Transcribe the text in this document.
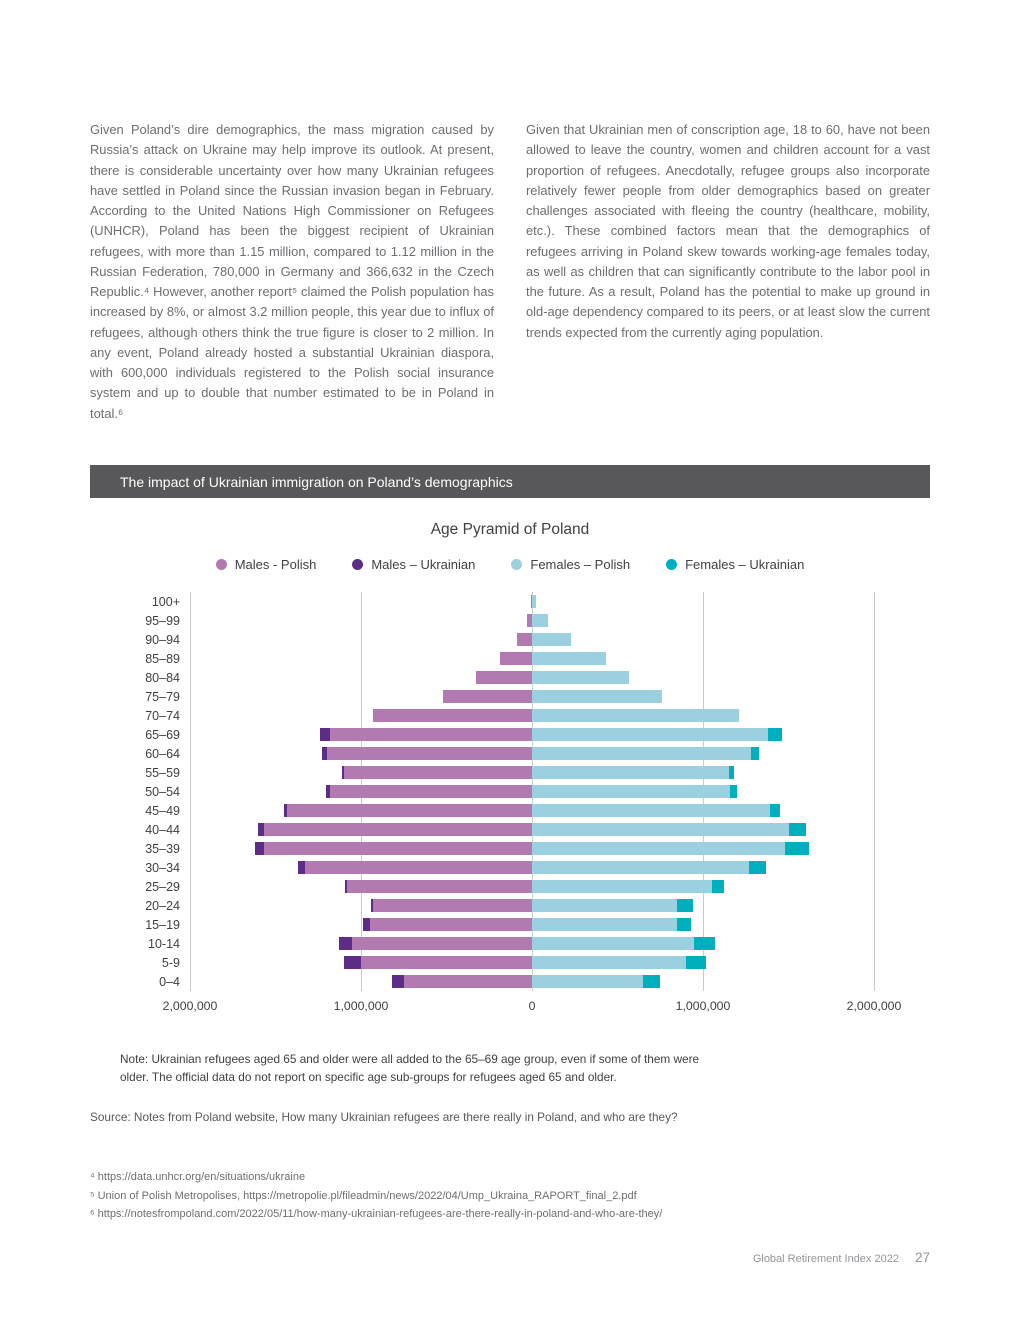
Given Poland’s dire demographics, the mass migration caused by Russia’s attack on Ukraine may help improve its outlook. At present, there is considerable uncertainty over how many Ukrainian refugees have settled in Poland since the Russian invasion began in February. According to the United Nations High Commissioner on Refugees (UNHCR), Poland has been the biggest recipient of Ukrainian refugees, with more than 1.15 million, compared to 1.12 million in the Russian Federation, 780,000 in Germany and 366,632 in the Czech Republic.⁴ However, another report⁵ claimed the Polish population has increased by 8%, or almost 3.2 million people, this year due to influx of refugees, although others think the true figure is closer to 2 million. In any event, Poland already hosted a substantial Ukrainian diaspora, with 600,000 individuals registered to the Polish social insurance system and up to double that number estimated to be in Poland in total.⁶
Given that Ukrainian men of conscription age, 18 to 60, have not been allowed to leave the country, women and children account for a vast proportion of refugees. Anecdotally, refugee groups also incorporate relatively fewer people from older demographics based on greater challenges associated with fleeing the country (healthcare, mobility, etc.). These combined factors mean that the demographics of refugees arriving in Poland skew towards working-age females today, as well as children that can significantly contribute to the labor pool in the future. As a result, Poland has the potential to make up ground in old-age dependency compared to its peers, or at least slow the current trends expected from the currently aging population.
The impact of Ukrainian immigration on Poland’s demographics
Age Pyramid of Poland
Males - Polish	Males – Ukrainian	Females – Polish	Females – Ukrainian
100+
95–99
90–94
85–89
80–84
75–79
70–74
65–69
60–64
55–59
50–54
45–49
40–44
35–39
30–34
25–29
20–24
15–19
10-14
5-9
0–4
2,000,000	1,000,000	0	1,000,000	2,000,000
Note: Ukrainian refugees aged 65 and older were all added to the 65–69 age group, even if some of them were older. The official data do not report on specific age sub-groups for refugees aged 65 and older.
Source: Notes from Poland website, How many Ukrainian refugees are there really in Poland, and who are they?
⁴ https://data.unhcr.org/en/situations/ukraine
⁵ Union of Polish Metropolises, https://metropolie.pl/fileadmin/news/2022/04/Ump_Ukraina_RAPORT_final_2.pdf
⁶ https://notesfrompoland.com/2022/05/11/how-many-ukrainian-refugees-are-there-really-in-poland-and-who-are-they/
Global Retirement Index 2022 27
